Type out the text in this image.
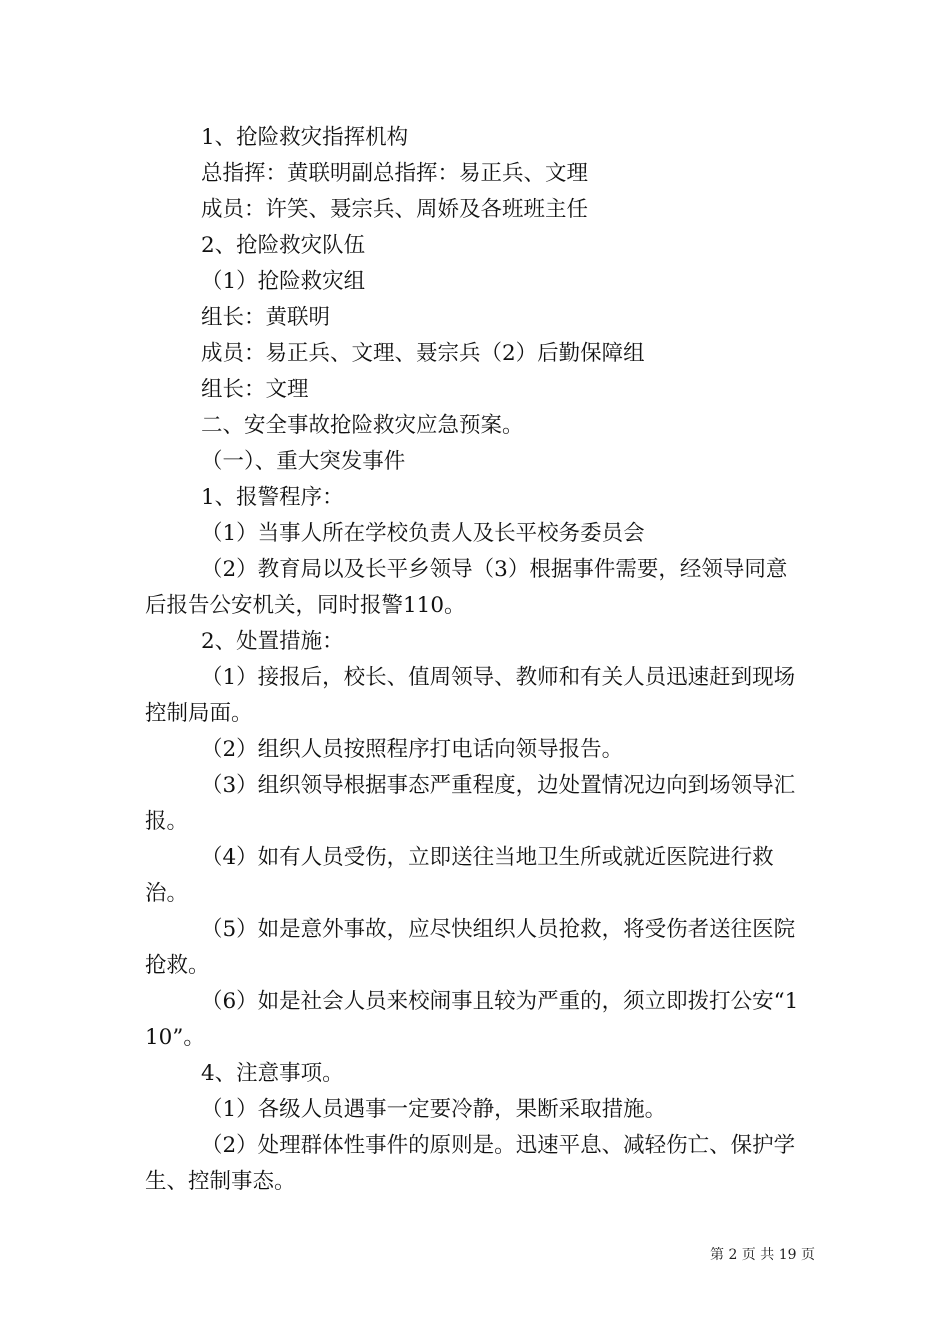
1、抢险救灾指挥机构

总指挥：黄联明副总指挥：易正兵、文理

成员：许笑、聂宗兵、周娇及各班班主任

2、抢险救灾队伍

（1）抢险救灾组

组长：黄联明

成员：易正兵、文理、聂宗兵（2）后勤保障组

组长：文理

二、安全事故抢险救灾应急预案。

（一）、重大突发事件

1、报警程序：

（1）当事人所在学校负责人及长平校务委员会

（2）教育局以及长平乡领导（3）根据事件需要，经领导同意后报告公安机关，同时报警110。

2、处置措施：

（1）接报后，校长、值周领导、教师和有关人员迅速赶到现场控制局面。

（2）组织人员按照程序打电话向领导报告。

（3）组织领导根据事态严重程度，边处置情况边向到场领导汇报。

（4）如有人员受伤，立即送往当地卫生所或就近医院进行救治。

（5）如是意外事故，应尽快组织人员抢救，将受伤者送往医院抢救。

（6）如是社会人员来校闹事且较为严重的，须立即拨打公安“110”。

4、注意事项。

（1）各级人员遇事一定要冷静，果断采取措施。

（2）处理群体性事件的原则是。迅速平息、减轻伤亡、保护学生、控制事态。

第 2 页 共 19 页
